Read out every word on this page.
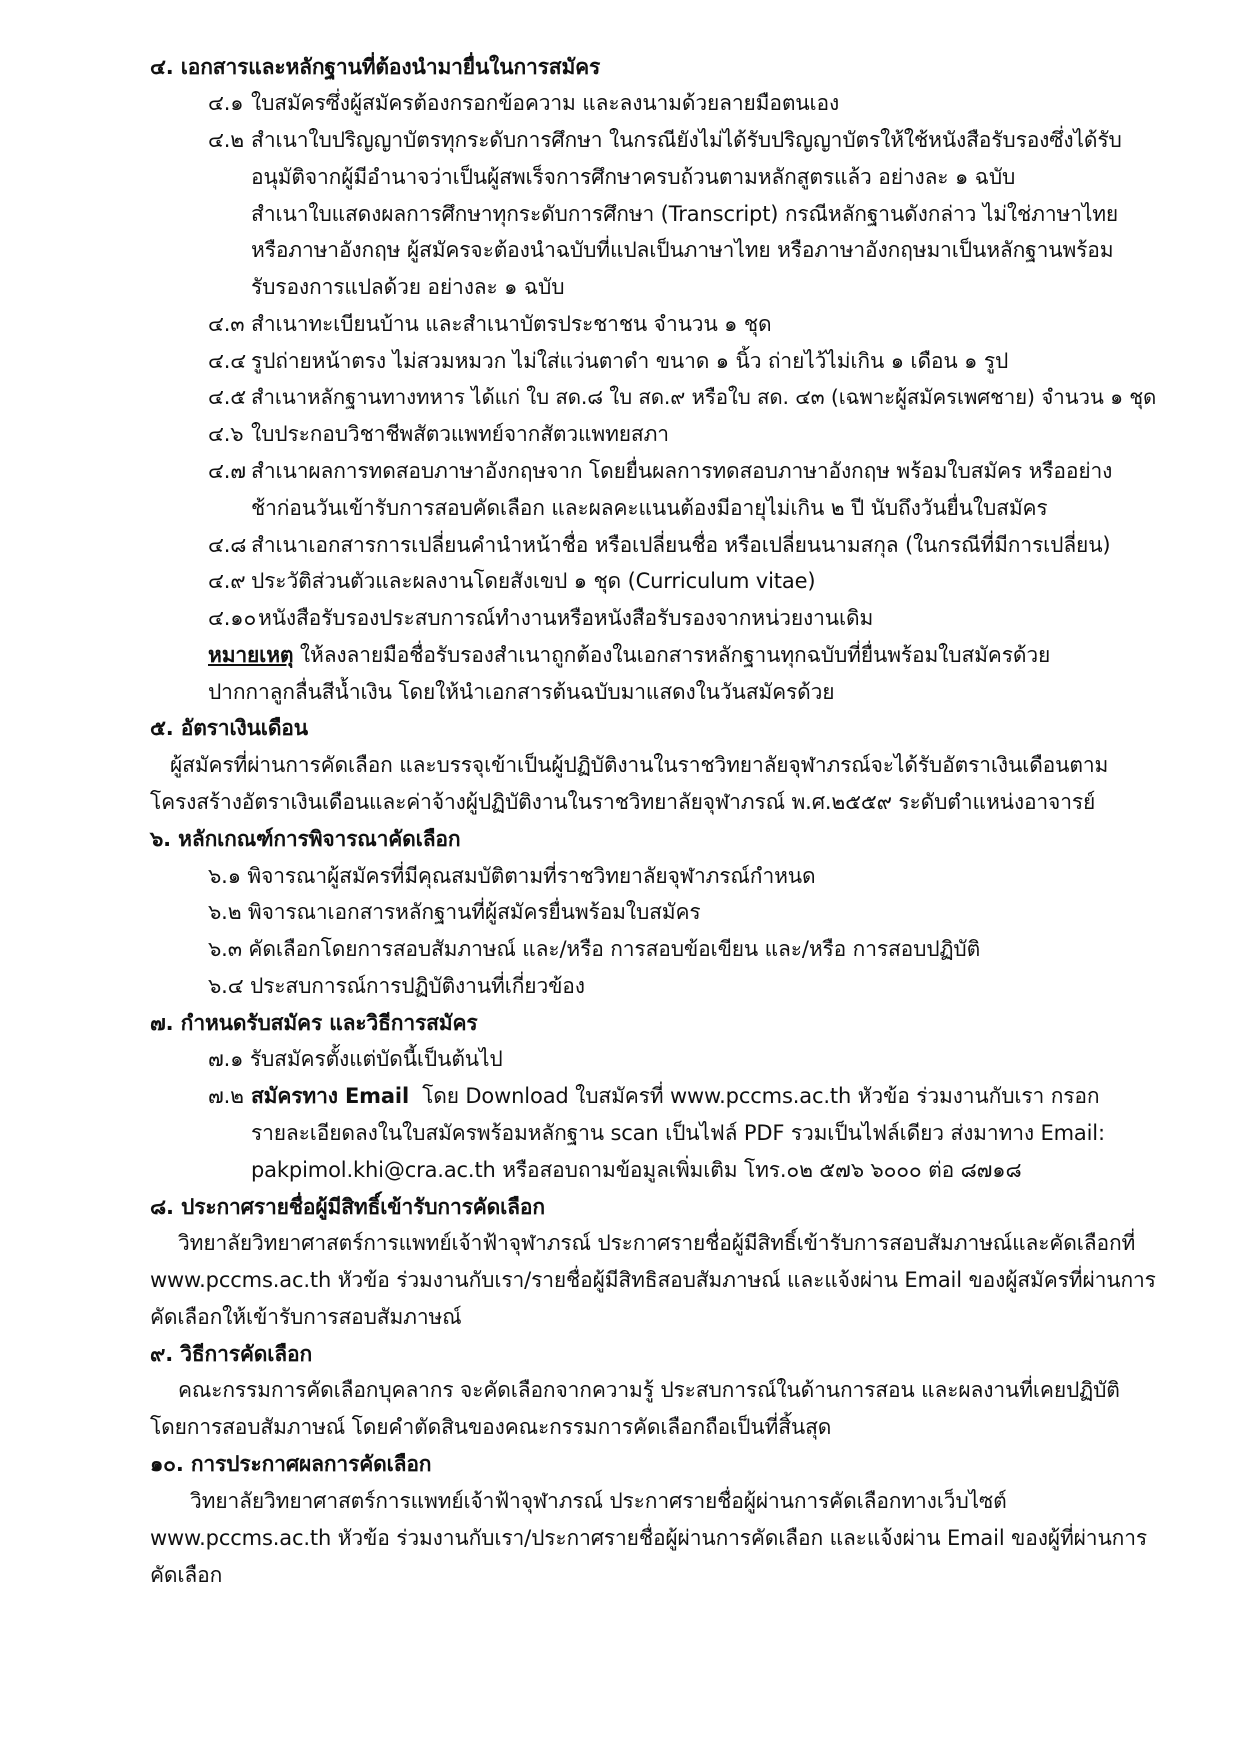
๔. เอกสารและหลักฐานที่ต้องนำมายื่นในการสมัคร
๔.๑ ใบสมัครซึ่งผู้สมัครต้องกรอกข้อความ และลงนามด้วยลายมือตนเอง
๔.๒ สำเนาใบปริญญาบัตรทุกระดับการศึกษา ในกรณียังไม่ได้รับปริญญาบัตรให้ใช้หนังสือรับรองซึ่งได้รับ
อนุมัติจากผู้มีอำนาจว่าเป็นผู้สพเร็จการศึกษาครบถ้วนตามหลักสูตรแล้ว อย่างละ ๑ ฉบับ
สำเนาใบแสดงผลการศึกษาทุกระดับการศึกษา (Transcript) กรณีหลักฐานดังกล่าว ไม่ใช่ภาษาไทย
หรือภาษาอังกฤษ ผู้สมัครจะต้องนำฉบับที่แปลเป็นภาษาไทย หรือภาษาอังกฤษมาเป็นหลักฐานพร้อม
รับรองการแปลด้วย อย่างละ ๑ ฉบับ
๔.๓ สำเนาทะเบียนบ้าน และสำเนาบัตรประชาชน จำนวน ๑ ชุด
๔.๔ รูปถ่ายหน้าตรง ไม่สวมหมวก ไม่ใส่แว่นตาดำ ขนาด ๑ นิ้ว ถ่ายไว้ไม่เกิน ๑ เดือน ๑ รูป
๔.๕ สำเนาหลักฐานทางทหาร ได้แก่ ใบ สด.๘ ใบ สด.๙ หรือใบ สด. ๔๓ (เฉพาะผู้สมัครเพศชาย) จำนวน ๑ ชุด
๔.๖ ใบประกอบวิชาชีพสัตวแพทย์จากสัตวแพทยสภา
๔.๗ สำเนาผลการทดสอบภาษาอังกฤษจาก โดยยื่นผลการทดสอบภาษาอังกฤษ พร้อมใบสมัคร หรืออย่าง
ช้าก่อนวันเข้ารับการสอบคัดเลือก และผลคะแนนต้องมีอายุไม่เกิน ๒ ปี นับถึงวันยื่นใบสมัคร
๔.๘ สำเนาเอกสารการเปลี่ยนคำนำหน้าชื่อ หรือเปลี่ยนชื่อ หรือเปลี่ยนนามสกุล (ในกรณีที่มีการเปลี่ยน)
๔.๙ ประวัติส่วนตัวและผลงานโดยสังเขป ๑ ชุด (Curriculum vitae)
๔.๑๐ หนังสือรับรองประสบการณ์ทำงานหรือหนังสือรับรองจากหน่วยงานเดิม
หมายเหตุ ให้ลงลายมือชื่อรับรองสำเนาถูกต้องในเอกสารหลักฐานทุกฉบับที่ยื่นพร้อมใบสมัครด้วย
ปากกาลูกลื่นสีน้ำเงิน โดยให้นำเอกสารต้นฉบับมาแสดงในวันสมัครด้วย
๕. อัตราเงินเดือน
ผู้สมัครที่ผ่านการคัดเลือก และบรรจุเข้าเป็นผู้ปฏิบัติงานในราชวิทยาลัยจุฬาภรณ์จะได้รับอัตราเงินเดือนตาม
โครงสร้างอัตราเงินเดือนและค่าจ้างผู้ปฏิบัติงานในราชวิทยาลัยจุฬาภรณ์ พ.ศ.๒๕๕๙ ระดับตำแหน่งอาจารย์
๖. หลักเกณฑ์การพิจารณาคัดเลือก
๖.๑ พิจารณาผู้สมัครที่มีคุณสมบัติตามที่ราชวิทยาลัยจุฬาภรณ์กำหนด
๖.๒ พิจารณาเอกสารหลักฐานที่ผู้สมัครยื่นพร้อมใบสมัคร
๖.๓ คัดเลือกโดยการสอบสัมภาษณ์ และ/หรือ การสอบข้อเขียน และ/หรือ การสอบปฏิบัติ
๖.๔ ประสบการณ์การปฏิบัติงานที่เกี่ยวข้อง
๗. กำหนดรับสมัคร และวิธีการสมัคร
๗.๑ รับสมัครตั้งแต่บัดนี้เป็นต้นไป
๗.๒ สมัครทาง Email โดย Download ใบสมัครที่ www.pccms.ac.th หัวข้อ ร่วมงานกับเรา กรอก
รายละเอียดลงในใบสมัครพร้อมหลักฐาน scan เป็นไฟล์ PDF รวมเป็นไฟล์เดียว ส่งมาทาง Email:
pakpimol.khi@cra.ac.th หรือสอบถามข้อมูลเพิ่มเติม โทร.๐๒ ๕๗๖ ๖๐๐๐ ต่อ ๘๗๑๘
๘. ประกาศรายชื่อผู้มีสิทธิ์เข้ารับการคัดเลือก
วิทยาลัยวิทยาศาสตร์การแพทย์เจ้าฟ้าจุฬาภรณ์ ประกาศรายชื่อผู้มีสิทธิ์เข้ารับการสอบสัมภาษณ์และคัดเลือกที่
www.pccms.ac.th หัวข้อ ร่วมงานกับเรา/รายชื่อผู้มีสิทธิสอบสัมภาษณ์ และแจ้งผ่าน Email ของผู้สมัครที่ผ่านการ
คัดเลือกให้เข้ารับการสอบสัมภาษณ์
๙. วิธีการคัดเลือก
คณะกรรมการคัดเลือกบุคลากร จะคัดเลือกจากความรู้ ประสบการณ์ในด้านการสอน และผลงานที่เคยปฏิบัติ
โดยการสอบสัมภาษณ์ โดยคำตัดสินของคณะกรรมการคัดเลือกถือเป็นที่สิ้นสุด
๑๐. การประกาศผลการคัดเลือก
วิทยาลัยวิทยาศาสตร์การแพทย์เจ้าฟ้าจุฬาภรณ์ ประกาศรายชื่อผู้ผ่านการคัดเลือกทางเว็บไซต์
www.pccms.ac.th หัวข้อ ร่วมงานกับเรา/ประกาศรายชื่อผู้ผ่านการคัดเลือก และแจ้งผ่าน Email ของผู้ที่ผ่านการ
คัดเลือก
